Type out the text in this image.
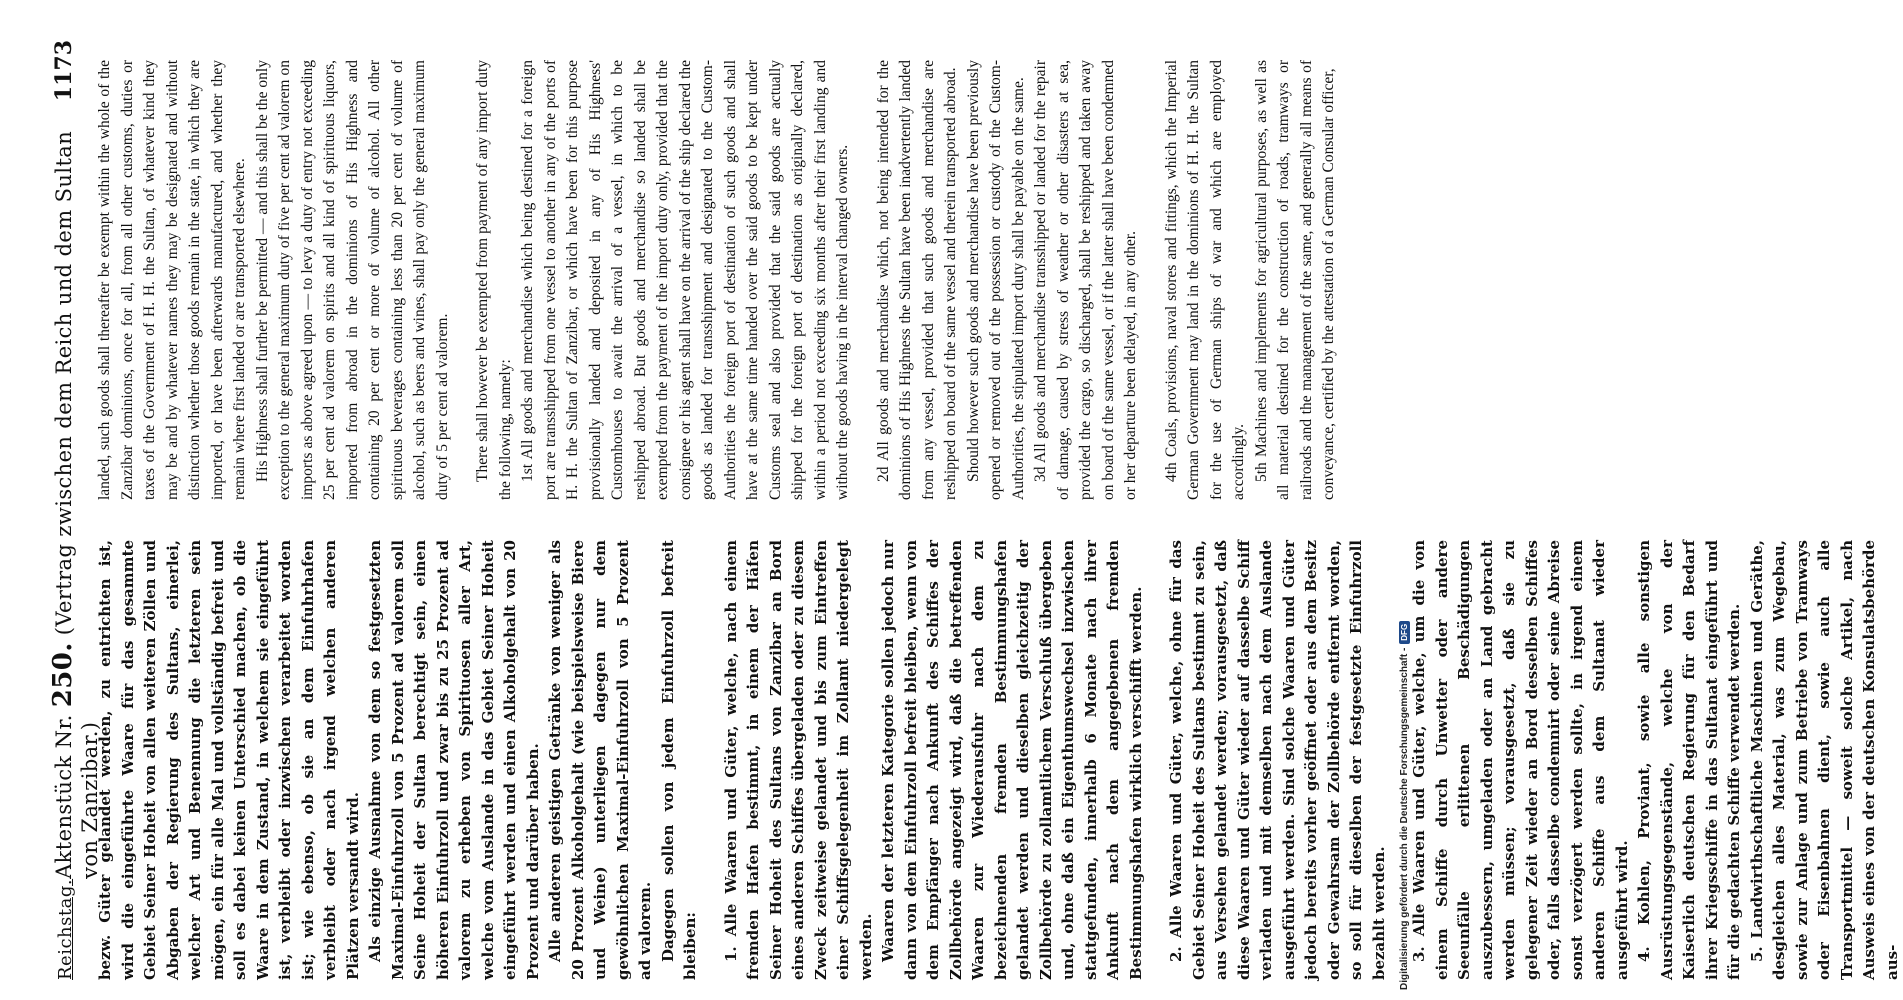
Reichstag.
Aktenstück Nr. 250. (Vertrag zwischen dem Reich und dem Sultan von Zanzibar.)
1173

bezw. Güter gelandet werden, zu entrichten ist, wird die eingeführte Waare für das gesammte Gebiet Seiner Hoheit von allen weiteren Zöllen und Abgaben der Regierung des Sultans, einerlei, welcher Art und Benennung die letzteren sein mögen, ein für alle Mal und vollständig befreit und soll es dabei keinen Unterschied machen, ob die Waare in dem Zustand, in welchem sie eingeführt ist, verbleibt oder inzwischen verarbeitet worden ist; wie ebenso, ob sie an dem Einfuhrhafen verbleibt oder nach irgend welchen anderen Plätzen versandt wird. Als einzige Ausnahme von dem so festgesetzten Maximal-Einfuhrzoll von 5 Prozent ad valorem soll Seine Hoheit der Sultan berechtigt sein, einen höheren Einfuhrzoll und zwar bis zu 25 Prozent ad valorem zu erheben von Spirituosen aller Art, welche vom Auslande in das Gebiet Seiner Hoheit eingeführt werden und einen Alkoholgehalt von 20 Prozent und darüber haben. Alle anderen geistigen Getränke von weniger als 20 Prozent Alkoholgehalt (wie beispielsweise Biere und Weine) unterliegen dagegen nur dem gewöhnlichen Maximal-Einfuhrzoll von 5 Prozent ad valorem. Dagegen sollen von jedem Einfuhrzoll befreit bleiben: 1. Alle Waaren und Güter, welche, nach einem fremden Hafen bestimmt, in einem der Häfen Seiner Hoheit des Sultans von Zanzibar an Bord eines anderen Schiffes übergeladen oder zu diesem Zweck zeitweise gelandet und bis zum Eintreffen einer Schiffsgelegenheit im Zollamt niedergelegt werden. Waaren der letzteren Kategorie sollen jedoch nur dann von dem Einfuhrzoll befreit bleiben, wenn von dem Empfänger nach Ankunft des Schiffes der Zollbehörde angezeigt wird, daß die betreffenden Waaren zur Wiederausfuhr nach dem zu bezeichnenden fremden Bestimmungshafen gelandet werden und dieselben gleichzeitig der Zollbehörde zu zollamtlichem Verschluß übergeben und, ohne daß ein Eigenthumswechsel inzwischen stattgefunden, innerhalb 6 Monate nach ihrer Ankunft nach dem angegebenen fremden Bestimmungshafen wirklich verschifft werden. 2. Alle Waaren und Güter, welche, ohne für das Gebiet Seiner Hoheit des Sultans bestimmt zu sein, aus Versehen gelandet werden; vorausgesetzt, daß diese Waaren und Güter wieder auf dasselbe Schiff verladen und mit demselben nach dem Auslande ausgeführt werden. Sind solche Waaren und Güter jedoch bereits vorher geöffnet oder aus dem Besitz oder Gewahrsam der Zollbehörde entfernt worden, so soll für dieselben der festgesetzte Einfuhrzoll bezahlt werden. 3. Alle Waaren und Güter, welche, um die von einem Schiffe durch Unwetter oder andere Seeunfälle erlittenen Beschädigungen auszubessern, umgeladen oder an Land gebracht werden müssen; vorausgesetzt, daß sie zu gelegener Zeit wieder an Bord desselben Schiffes oder, falls dasselbe condemnirt oder seine Abreise sonst verzögert werden sollte, in irgend einem anderen Schiffe aus dem Sultanat wieder ausgeführt wird. 4. Kohlen, Proviant, sowie alle sonstigen Ausrüstungsgegenstände, welche von der Kaiserlich deutschen Regierung für den Bedarf ihrer Kriegsschiffe in das Sultanat eingeführt und für die gedachten Schiffe verwendet werden. 5. Landwirthschaftliche Maschinen und Geräthe, desgleichen alles Material, was zum Wegebau, sowie zur Anlage und zum Betriebe von Tramways oder Eisenbahnen dient, sowie auch alle Transportmittel — soweit solche Artikel, nach Ausweis eines von der deutschen Konsulatsbehörde aus-

landed, such goods shall thereafter be exempt within the whole of the Zanzibar dominions, once for all, from all other customs, duties or taxes of the Government of H. H. the Sultan, of whatever kind they may be and by whatever names they may be designated and without distinction whether those goods remain in the state, in which they are imported, or have been afterwards manufactured, and whether they remain where first landed or are transported elsewhere. His Highness shall further be permitted — and this shall be the only exception to the general maximum duty of five per cent ad valorem on imports as above agreed upon — to levy a duty of entry not exceeding 25 per cent ad valorem on spirits and all kind of spirituous liquors, imported from abroad in the dominions of His Highness and containing 20 per cent or more of volume of alcohol. All other spirituous beverages containing less than 20 per cent of volume of alcohol, such as beers and wines, shall pay only the general maximum duty of 5 per cent ad valorem. There shall however be exempted from payment of any import duty the following, namely: 1st All goods and merchandise which being destined for a foreign port are transshipped from one vessel to another in any of the ports of H. H. the Sultan of Zanzibar, or which have been for this purpose provisionally landed and deposited in any of His Highness' Customhouses to await the arrival of a vessel, in which to be reshipped abroad. But goods and merchandise so landed shall be exempted from the payment of the import duty only, provided that the consignee or his agent shall have on the arrival of the ship declared the goods as landed for transshipment and designated to the Custom-Authorities the foreign port of destination of such goods and shall have at the same time handed over the said goods to be kept under Customs seal and also provided that the said goods are actually shipped for the foreign port of destination as originally declared, within a period not exceeding six months after their first landing and without the goods having in the interval changed owners. 2d All goods and merchandise which, not being intended for the dominions of His Highness the Sultan have been inadvertently landed from any vessel, provided that such goods and merchandise are reshipped on board of the same vessel and therein transported abroad. Should however such goods and merchandise have been previously opened or removed out of the possession or custody of the Custom-Authorities, the stipulated import duty shall be payable on the same. 3d All goods and merchandise transshipped or landed for the repair of damage, caused by stress of weather or other disasters at sea, provided the cargo, so discharged, shall be reshipped and taken away on board of the same vessel, or if the latter shall have been condemned or her departure been delayed, in any other. 4th Coals, provisions, naval stores and fittings, which the Imperial German Government may land in the dominions of H. H. the Sultan for the use of German ships of war and which are employed accordingly. 5th Machines and implements for agricultural purposes, as well as all material destined for the construction of roads, tramways or railroads and the management of the same, and generally all means of conveyance, certified by the attestation of a German Consular officer,

Digitalisierung gefördert durch die Deutsche Forschungsgemeinschaft -
DFG
